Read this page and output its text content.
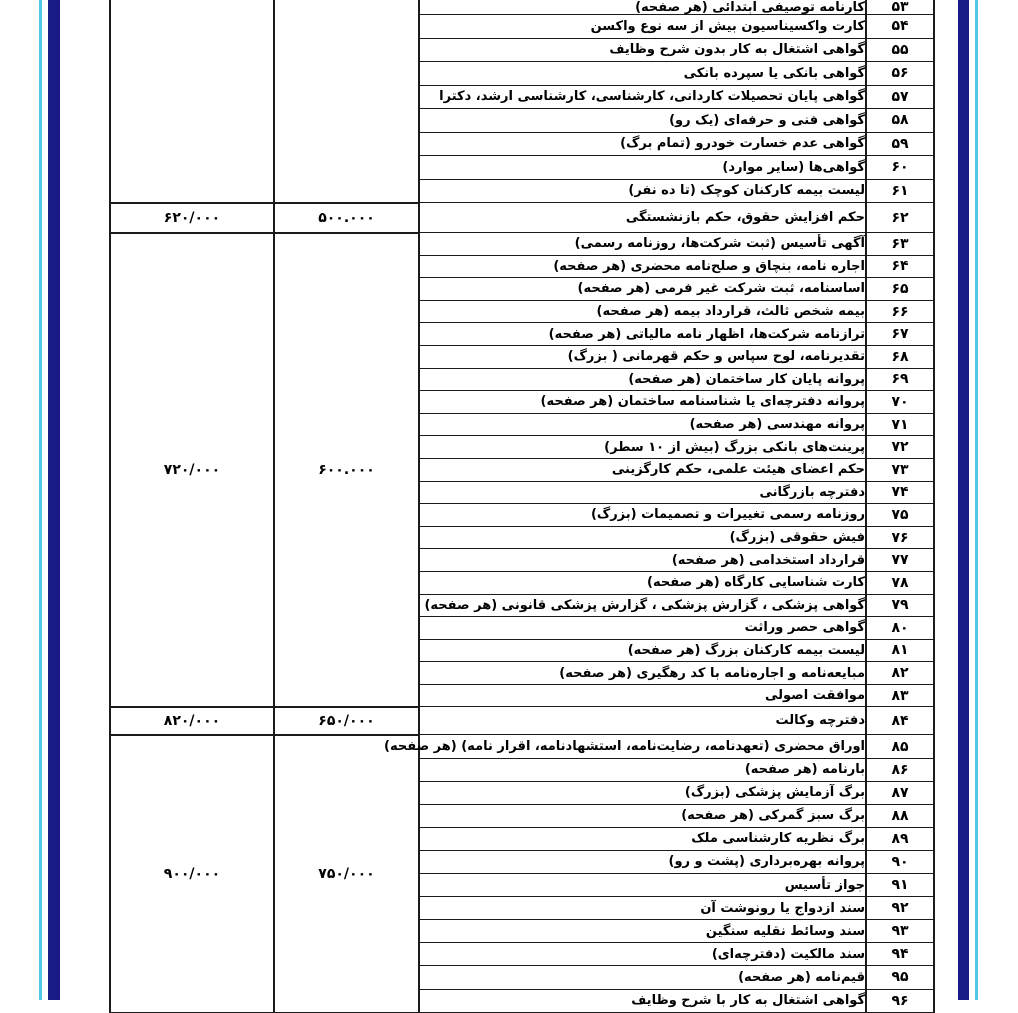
۵۳	کارنامه توصیفی ابتدائی (هر صفحه)		
۵۴	کارت واکسیناسیون بیش از سه نوع واکسن		
۵۵	گواهی اشتغال به کار بدون شرح وظایف		
۵۶	گواهی بانکی یا سپرده بانکی		
۵۷	گواهی پایان تحصیلات کاردانی، کارشناسی، کارشناسی ارشد، دکترا		
۵۸	گواهی فنی و حرفه‌ای (یک رو)		
۵۹	گواهی عدم خسارت خودرو (تمام برگ)		
۶۰	گواهی‌ها (سایر موارد)		
۶۱	لیست بیمه کارکنان کوچک (تا ده نفر)		
۶۲	حکم افزایش حقوق، حکم بازنشستگی	۵۰۰.۰۰۰	۶۲۰/۰۰۰
۶۳	آگهی تأسیس (ثبت شرکت‌ها، روزنامه رسمی)	۶۰۰.۰۰۰	۷۲۰/۰۰۰
۶۴	اجاره نامه، بنچاق و صلح‌نامه محضری (هر صفحه)		
۶۵	اساسنامه، ثبت شرکت غیر فرمی (هر صفحه)		
۶۶	بیمه شخص ثالث، قرارداد بیمه (هر صفحه)		
۶۷	ترازنامه شرکت‌ها، اظهار نامه مالیاتی (هر صفحه)		
۶۸	تقدیرنامه، لوح سپاس و حکم قهرمانی ( بزرگ)		
۶۹	پروانه پایان کار ساختمان (هر صفحه)		
۷۰	پروانه دفترچه‌ای یا شناسنامه ساختمان (هر صفحه)		
۷۱	پروانه مهندسی (هر صفحه)		
۷۲	پرینت‌های بانکی بزرگ (بیش از ۱۰ سطر)		
۷۳	حکم اعضای هیئت علمی، حکم کارگزینی		
۷۴	دفترچه بازرگانی		
۷۵	روزنامه رسمی تغییرات و تصمیمات (بزرگ)		
۷۶	فیش حقوقی (بزرگ)		
۷۷	قرارداد استخدامی (هر صفحه)		
۷۸	کارت شناسایی کارگاه (هر صفحه)		
۷۹	گواهی پزشکی ، گزارش پزشکی ، گزارش پزشکی قانونی (هر صفحه)		
۸۰	گواهی حصر وراثت		
۸۱	لیست بیمه کارکنان بزرگ (هر صفحه)		
۸۲	مبایعه‌نامه و اجاره‌نامه با کد رهگیری (هر صفحه)		
۸۳	موافقت اصولی		
۸۴	دفترچه وکالت	۶۵۰/۰۰۰	۸۲۰/۰۰۰
۸۵	اوراق محضری (تعهدنامه، رضایت‌نامه، استشهادنامه، اقرار نامه) (هر صفحه)	۷۵۰/۰۰۰	۹۰۰/۰۰۰
۸۶	بارنامه (هر صفحه)		
۸۷	برگ آزمایش پزشکی (بزرگ)		
۸۸	برگ سبز گمرکی (هر صفحه)		
۸۹	برگ نظریه کارشناسی ملک		
۹۰	پروانه بهره‌برداری (پشت و رو)		
۹۱	جواز تأسیس		
۹۲	سند ازدواج یا رونوشت آن		
۹۳	سند وسائط نقلیه سنگین		
۹۴	سند مالکیت (دفترچه‌ای)		
۹۵	قیم‌نامه (هر صفحه)		
۹۶	گواهی اشتغال به کار با شرح وظایف		
